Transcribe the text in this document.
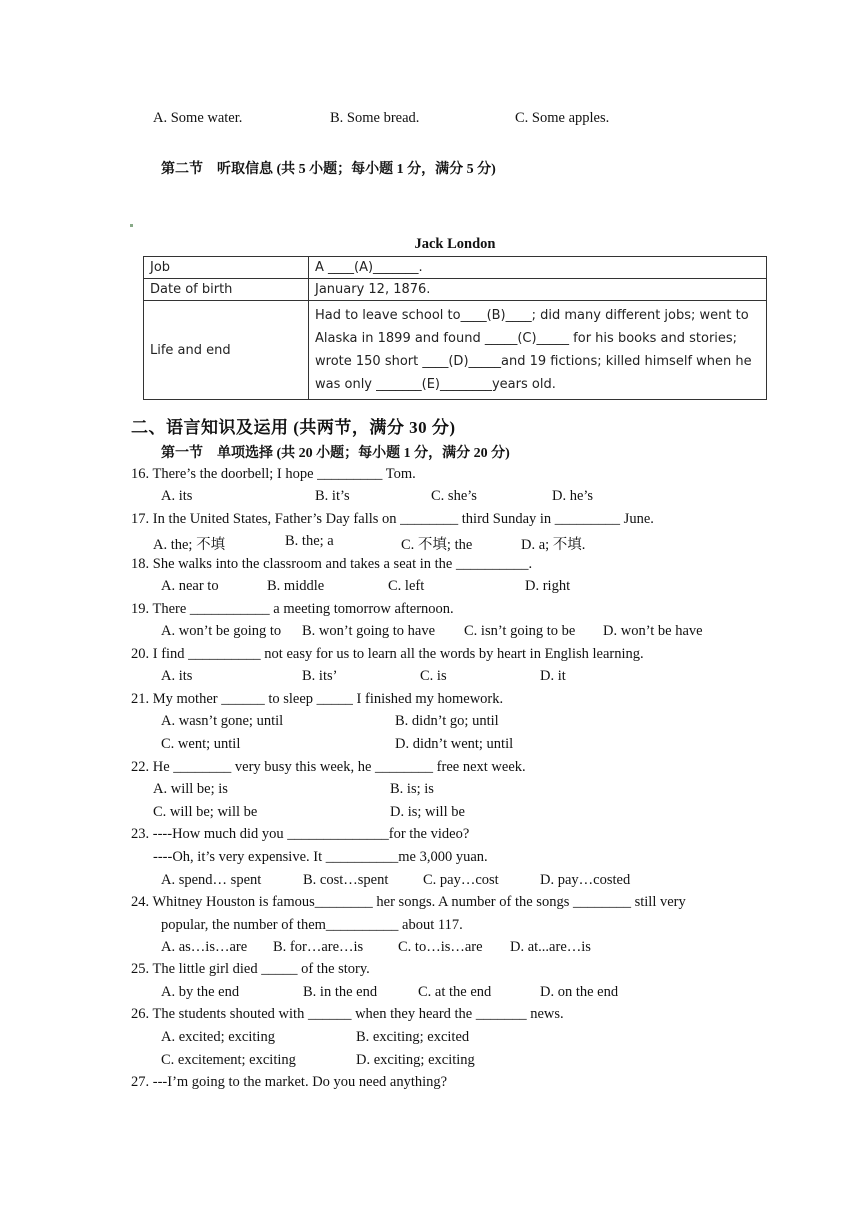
A. Some water.	B. Some bread.	C. Some apples.
第二节　听取信息 (共 5 小题；每小题 1 分，满分 5 分)
Jack London
Job	A ____(A)_______.
Date of birth	January 12, 1876.
Life and end	Had to leave school to____(B)____; did many different jobs; went to
Alaska in 1899 and found _____(C)_____ for his books and stories;
wrote 150 short ____(D)_____and 19 fictions; killed himself when he
was only _______(E)________years old.
二、语言知识及运用 (共两节，满分 30 分)
第一节　单项选择 (共 20 小题；每小题 1 分，满分 20 分)
16. There’s the doorbell; I hope _________ Tom.
A. its	B. it’s	C. she’s	D. he’s
17. In the United States, Father’s Day falls on ________ third Sunday in _________ June.
A. the; 不填	B. the; a	C. 不填; the	D. a; 不填.
18. She walks into the classroom and takes a seat in the __________.
A. near to	B. middle	C. left	D. right
19. There ___________ a meeting tomorrow afternoon.
A. won’t be going to B. won’t going to have C. isn’t going to be D. won’t be have
20. I find __________ not easy for us to learn all the words by heart in English learning.
A. its	B. its’	C. is	D. it
21. My mother ______ to sleep _____ I finished my homework.
A. wasn’t gone; until	B. didn’t go; until
C. went; until	D. didn’t went; until
22. He ________ very busy this week, he ________ free next week.
A. will be; is	B. is; is
C. will be; will be	D. is; will be
23. ----How much did you ______________for the video?
----Oh, it’s very expensive. It __________me 3,000 yuan.
A. spend… spent	B. cost…spent C. pay…cost	D. pay…costed
24. Whitney Houston is famous________ her songs. A number of the songs ________ still very
popular, the number of them__________ about 117.
A. as…is…are B. for…are…is C. to…is…are D. at...are…is
25. The little girl died _____ of the story.
A. by the end	B. in the end	C. at the end	D. on the end
26. The students shouted with ______ when they heard the _______ news.
A. excited; exciting	B. exciting; excited
C. excitement; exciting	D. exciting; exciting
27. ---I’m going to the market. Do you need anything?
